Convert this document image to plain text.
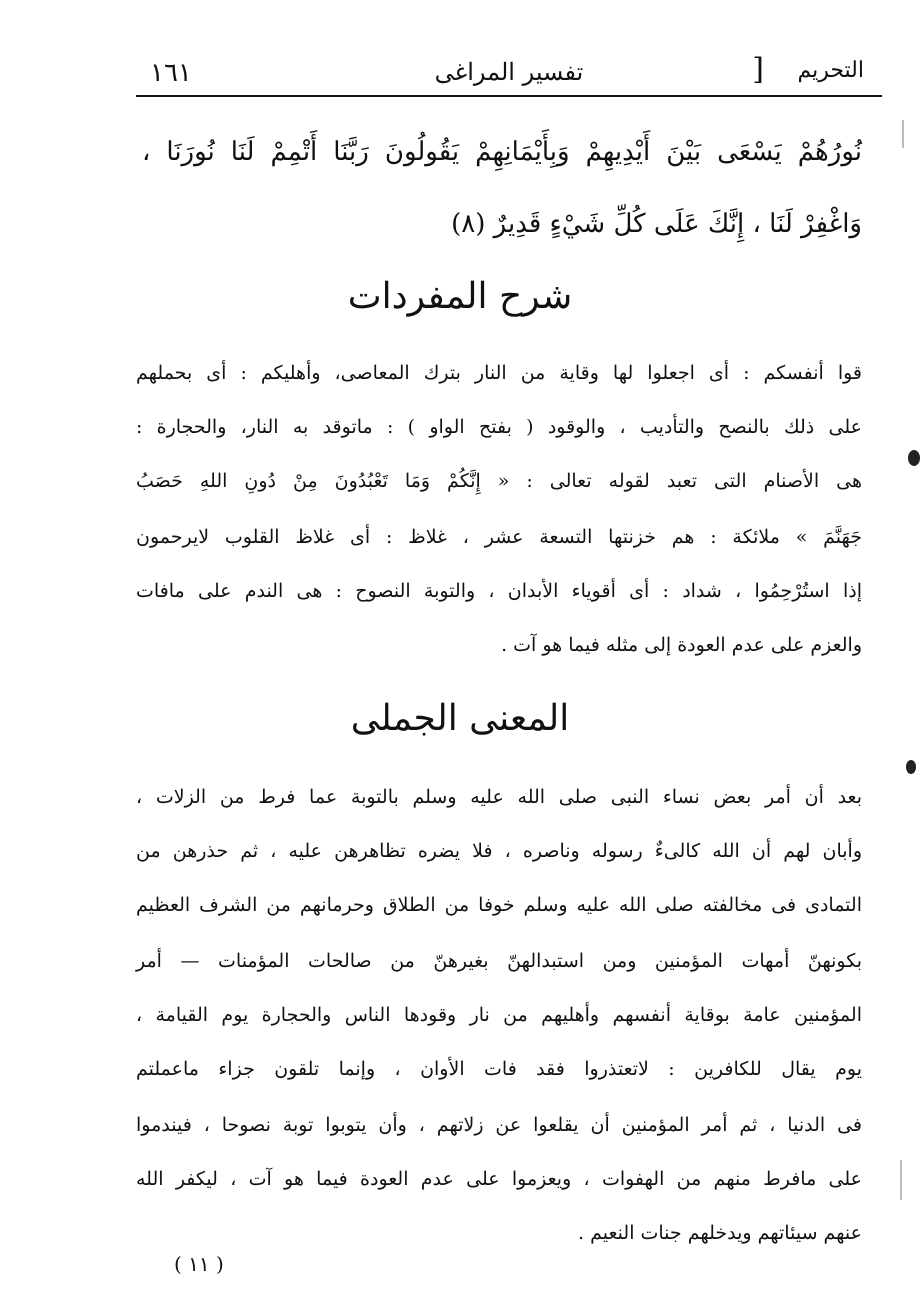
١٦١	تفسير المراغى	] التحريم
نُورُهُمْ يَسْعَى بَيْنَ أَيْدِيهِمْ وَبِأَيْمَانِهِمْ يَقُولُونَ رَبَّنَا أَتْمِمْ لَنَا نُورَنَا ،
وَاغْفِرْ لَنَا ، إِنَّكَ عَلَى كُلِّ شَيْءٍ قَدِيرٌ (٨)
شرح المفردات
قوا أنفسكم : أى اجعلوا لها وقاية من النار بترك المعاصى، وأهليكم : أى بحملهم
على ذلك بالنصح والتأديب ، والوقود ( بفتح الواو ) : ماتوقد به النار، والحجارة :
هى الأصنام التى تعبد لقوله تعالى : « إِنَّكُمْ وَمَا تَعْبُدُونَ مِنْ دُونِ اللهِ حَصَبُ
جَهَنَّمَ » ملائكة : هم خزنتها التسعة عشر ، غلاظ : أى غلاظ القلوب لايرحمون
إذا استُرْحِمُوا ، شداد : أى أقوياء الأبدان ، والتوبة النصوح : هى الندم على مافات
والعزم على عدم العودة إلى مثله فيما هو آت .
المعنى الجملى
بعد أن أمر بعض نساء النبى صلى الله عليه وسلم بالتوبة عما فرط من الزلات ،
وأبان لهم أن الله كالىءٌ رسوله وناصره ، فلا يضره تظاهرهن عليه ، ثم حذرهن من
التمادى فى مخالفته صلى الله عليه وسلم خوفا من الطلاق وحرمانهم من الشرف العظيم
بكونهنّ أمهات المؤمنين ومن استبدالهنّ بغيرهنّ من صالحات المؤمنات — أمر
المؤمنين عامة بوقاية أنفسهم وأهليهم من نار وقودها الناس والحجارة يوم القيامة ،
يوم يقال للكافرين : لاتعتذروا فقد فات الأوان ، وإنما تلقون جزاء ماعملتم
فى الدنيا ، ثم أمر المؤمنين أن يقلعوا عن زلاتهم ، وأن يتوبوا توبة نصوحا ، فيندموا
على مافرط منهم من الهفوات ، ويعزموا على عدم العودة فيما هو آت ، ليكفر الله
عنهم سيئاتهم ويدخلهم جنات النعيم .
( ١١ )
